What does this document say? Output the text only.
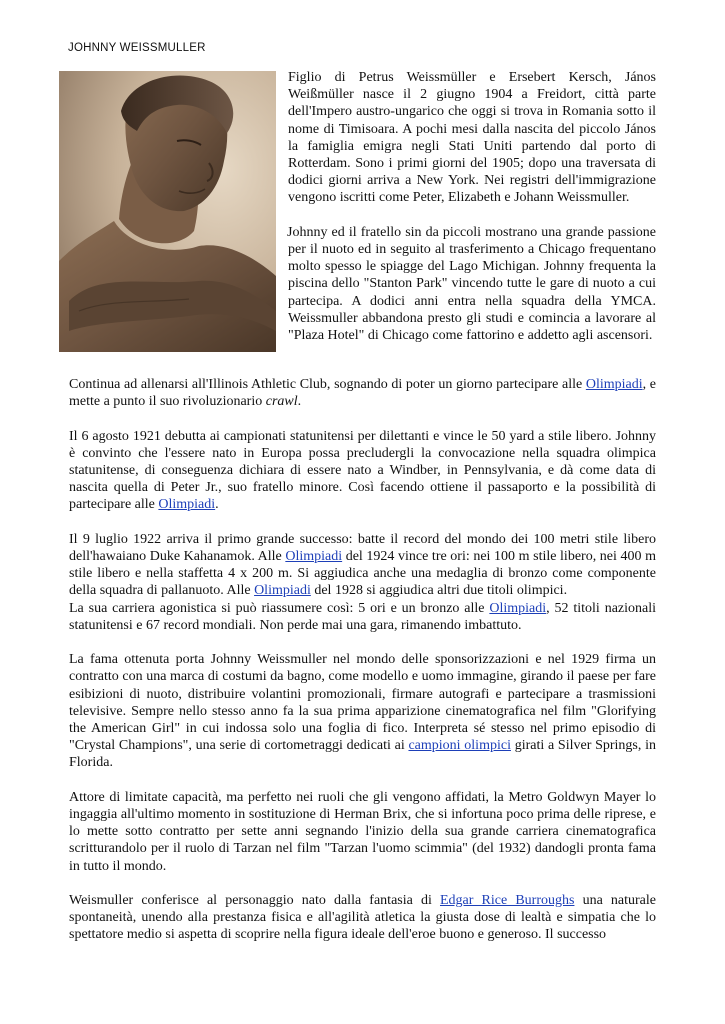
JOHNNY WEISSMULLER

Figlio di Petrus Weissmüller e Ersebert Kersch, János Weißmüller nasce il 2 giugno 1904 a Freidort, città parte dell'Impero austro-ungarico che oggi si trova in Romania sotto il nome di Timisoara. A pochi mesi dalla nascita del piccolo János la famiglia emigra negli Stati Uniti partendo dal porto di Rotterdam. Sono i primi giorni del 1905; dopo una traversata di dodici giorni arriva a New York. Nei registri dell'immigrazione vengono iscritti come Peter, Elizabeth e Johann Weissmuller.

Johnny ed il fratello sin da piccoli mostrano una grande passione per il nuoto ed in seguito al trasferimento a Chicago frequentano molto spesso le spiagge del Lago Michigan. Johnny frequenta la piscina dello "Stanton Park" vincendo tutte le gare di nuoto a cui partecipa. A dodici anni entra nella squadra della YMCA. Weissmuller abbandona presto gli studi e comincia a lavorare al "Plaza Hotel" di Chicago come fattorino e addetto agli ascensori.

Continua ad allenarsi all'Illinois Athletic Club, sognando di poter un giorno partecipare alle Olimpiadi, e mette a punto il suo rivoluzionario crawl.

Il 6 agosto 1921 debutta ai campionati statunitensi per dilettanti e vince le 50 yard a stile libero. Johnny è convinto che l'essere nato in Europa possa precludergli la convocazione nella squadra olimpica statunitense, di conseguenza dichiara di essere nato a Windber, in Pennsylvania, e dà come data di nascita quella di Peter Jr., suo fratello minore. Così facendo ottiene il passaporto e la possibilità di partecipare alle Olimpiadi.

Il 9 luglio 1922 arriva il primo grande successo: batte il record del mondo dei 100 metri stile libero dell'hawaiano Duke Kahanamok. Alle Olimpiadi del 1924 vince tre ori: nei 100 m stile libero, nei 400 m stile libero e nella staffetta 4 x 200 m. Si aggiudica anche una medaglia di bronzo come componente della squadra di pallanuoto. Alle Olimpiadi del 1928 si aggiudica altri due titoli olimpici.

La sua carriera agonistica si può riassumere così: 5 ori e un bronzo alle Olimpiadi, 52 titoli nazionali statunitensi e 67 record mondiali. Non perde mai una gara, rimanendo imbattuto.

La fama ottenuta porta Johnny Weissmuller nel mondo delle sponsorizzazioni e nel 1929 firma un contratto con una marca di costumi da bagno, come modello e uomo immagine, girando il paese per fare esibizioni di nuoto, distribuire volantini promozionali, firmare autografi e partecipare a trasmissioni televisive. Sempre nello stesso anno fa la sua prima apparizione cinematografica nel film "Glorifying the American Girl" in cui indossa solo una foglia di fico. Interpreta sé stesso nel primo episodio di "Crystal Champions", una serie di cortometraggi dedicati ai campioni olimpici girati a Silver Springs, in Florida.

Attore di limitate capacità, ma perfetto nei ruoli che gli vengono affidati, la Metro Goldwyn Mayer lo ingaggia all'ultimo momento in sostituzione di Herman Brix, che si infortuna poco prima delle riprese, e lo mette sotto contratto per sette anni segnando l'inizio della sua grande carriera cinematografica scritturandolo per il ruolo di Tarzan nel film "Tarzan l'uomo scimmia" (del 1932) dandogli pronta fama in tutto il mondo.

Weismuller conferisce al personaggio nato dalla fantasia di Edgar Rice Burroughs una naturale spontaneità, unendo alla prestanza fisica e all'agilità atletica la giusta dose di lealtà e simpatia che lo spettatore medio si aspetta di scoprire nella figura ideale dell'eroe buono e generoso. Il successo
